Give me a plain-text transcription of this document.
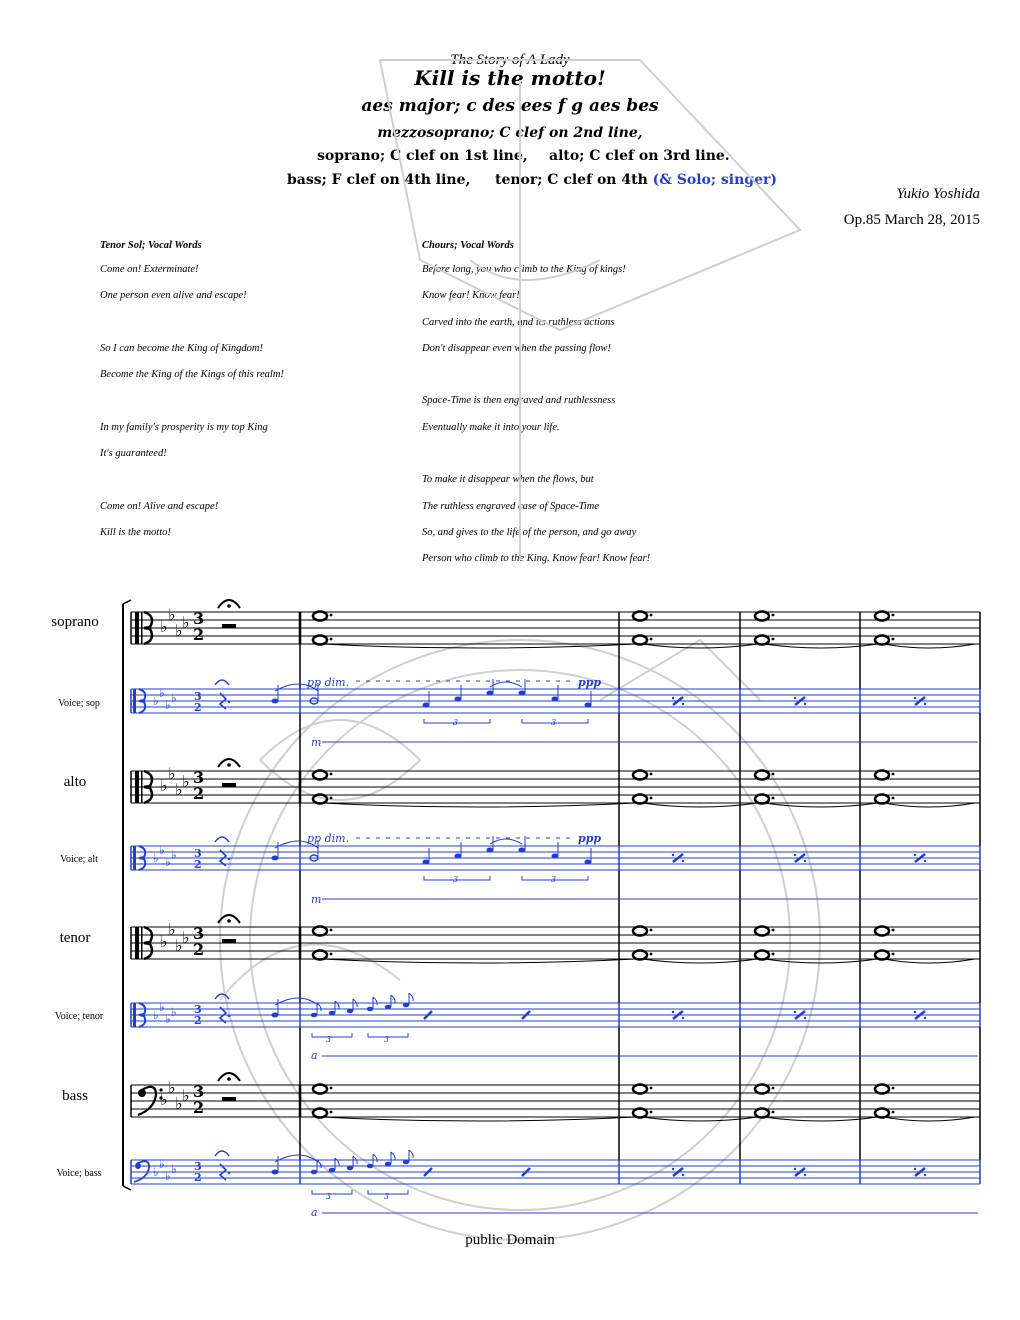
The Story of A Lady
Kill is the motto!
aes major; c des ees f g aes bes
mezzosoprano; C clef on 2nd line,
soprano; C clef on 1st line, alto; C clef on 3rd line.
bass; F clef on 4th line, tenor; C clef on 4th (& Solo; singer)
Yukio Yoshida
Op.85 March 28, 2015
Tenor Sol; Vocal Words
Come on! Exterminate!
One person even alive and escape!
So I can become the King of Kingdom!
Become the King of the Kings of this realm!
In my family's prosperity is my top King
It's guaranteed!
Come on! Alive and escape!
Kill is the motto!
Chours; Vocal Words
Before long, you who climb to the King of kings!
Know fear! Know fear!
Carved into the earth, and its ruthless actions
Don't disappear even when the passing flow!
Space-Time is then engraved and ruthlessness
Eventually make it into your life.
To make it disappear when the flows, but
The ruthless engraved case of Space-Time
So, and gives to the life of the person, and go away
Person who climb to the King. Know fear! Know fear!
soprano
Voice; sop
alto
Voice; alt
tenor
Voice; tenor
bass
Voice; bass
♭
♭
♭ ♭
♭
♭
♭ ♭
♭
♭
♭ ♭
♭
♭
♭ ♭
♭
♭
♭ ♭
♭
♭
♭ ♭
♭
♭
♭ ♭
♭
♭
♭ ♭
pp dim.	ppp
pp dim.	ppp
m
m
a
a
3
2
3
2
3
2
3
2
3
2
3
2
3
2
3
2
3	3
3	3
3	3
3	3
public Domain
